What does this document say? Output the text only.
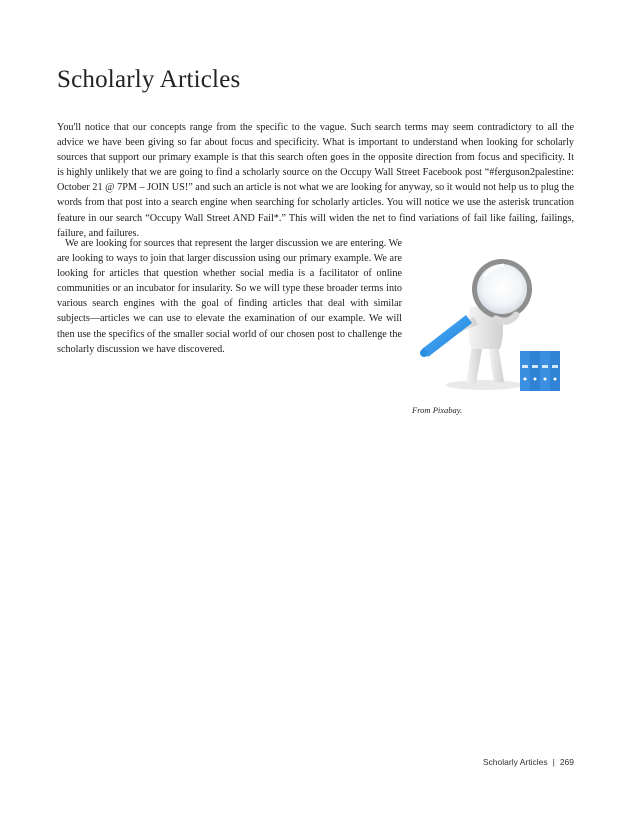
Scholarly Articles

You'll notice that our concepts range from the specific to the vague. Such search terms may seem contradictory to all the advice we have been giving so far about focus and specificity. What is important to understand when looking for scholarly sources that support our primary example is that this search often goes in the opposite direction from focus and specificity. It is highly unlikely that we are going to find a scholarly source on the Occupy Wall Street Facebook post “#ferguson2palestine: October 21 @ 7PM – JOIN US!” and such an article is not what we are looking for anyway, so it would not help us to plug the words from that post into a search engine when searching for scholarly articles. You will notice we use the asterisk truncation feature in our search “Occupy Wall Street AND Fail*.” This will widen the net to find variations of fail like failing, failings, failure, and failures.

We are looking for sources that represent the larger discussion we are entering. We are looking to ways to join that larger discussion using our primary example. We are looking for articles that question whether social media is a facilitator of online communities or an incubator for insularity. So we will type these broader terms into various search engines with the goal of finding articles that deal with similar subjects—articles we can use to elevate the examination of our example. We will then use the specifics of the smaller social world of our chosen post to challenge the scholarly discussion we have discovered.

From Pixabay.
Scholarly Articles | 269
